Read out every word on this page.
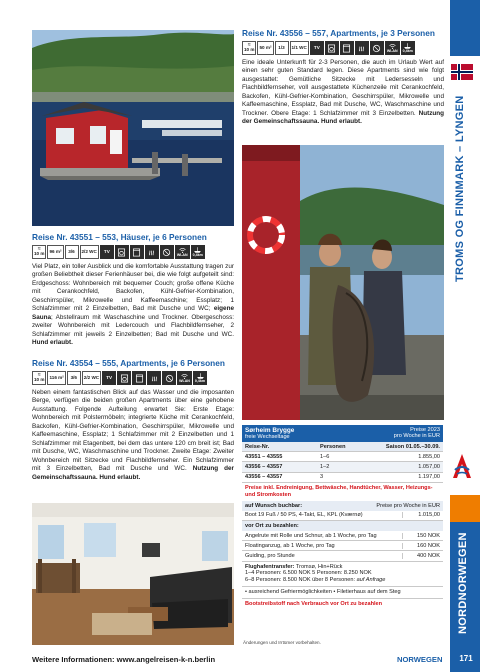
Reise Nr. 43556 – 557, Apartments, je 3 Personen
≈
10 m 50 m² 1/3 1/1 WC TV
WLAN 0,4km
Eine ideale Unterkunft für 2-3 Personen, die auch im Urlaub Wert auf einen sehr guten Standard legen. Diese Apartments sind wie folgt ausgestattet: Gemütliche Sitzecke mit Ledersesseln und Flachbildfernseher, voll ausgestattete Küchenzeile mit Cerankochfeld, Backofen, Kühl-Gefrier-Kombination, Geschirrspüler, Mikrowelle und Kaffeemaschine, Essplatz, Bad mit Dusche, WC, Waschmaschine und Trockner. Obere Etage: 1 Schlafzimmer mit 3 Einzelbetten. Nutzung der Gemeinschaftssauna. Hund erlaubt.
Reise Nr. 43551 – 553, Häuser, je 6 Personen
≈
10 m 96 m² 3/6 2/2 WC TV
WLAN 0,4km
Viel Platz, ein toller Ausblick und die komfortable Ausstattung tragen zur großen Beliebtheit dieser Ferienhäuser bei, die wie folgt aufgeteilt sind: Erdgeschoss: Wohnbereich mit bequemer Couch; große offene Küche mit Cerankochfeld, Backofen, Kühl-Gefrier-Kombination, Geschirrspüler, Mikrowelle und Kaffeemaschine; Essplatz; 1 Schlafzimmer mit 2 Einzelbetten, Bad mit Dusche und WC; eigene Sauna; Abstellraum mit Waschaschine und Trockner. Obergeschoss: zweiter Wohnbereich mit Ledercouch und Flachbildfernseher, 2 Schlafzimmer mit jeweils 2 Einzelbetten; Bad mit Dusche und WC. Hund erlaubt.
Reise Nr. 43554 – 555, Apartments, je 6 Personen
≈
10 m 116 m² 3/6 2/2 WC TV
WLAN 0,4km
Neben einem fantastischen Blick auf das Wasser und die imposanten Berge, verfügen die beiden großen Apartments über eine gehobene Ausstattung. Folgende Aufteilung erwartet Sie: Erste Etage: Wohnbereich mit Polstermöbeln; integrierte Küche mit Cerankochfeld, Backofen, Kühl-Gefrier-Kombination, Geschirrspüler, Mikrowelle und Kaffeemaschine, Essplatz; 1 Schlafzimmer mit 2 Einzelbetten und 1 Schlafzimmer mit Etagenbett, bei dem das untere 120 cm breit ist; Bad mit Dusche, WC, Waschmaschine und Trockner. Zweite Etage: Zweiter Wohnbereich mit Sitzecke und Flachbildfernseher. Ein Schlafzimmer mit 3 Einzelbetten, Bad mit Dusche und WC. Nutzung der Gemeinschaftssauna. Hund erlaubt.
Sørheim Brygge
freie Wechseltage
Preise 2023
pro Woche in EUR
Reise-Nr.	Personen	Saison 01.05.–30.09.
43551 – 43555	1–6	1.855,00
43556 – 43557	1–2	1.057,00
43556 – 43557	3	1.197,00
Preise inkl. Endreinigung, Bettwäsche, Handtücher, Wasser, Heizungs- und Stromkosten
auf Wunsch buchbar:	Preise pro Woche in EUR
Boot 19 Fuß / 50 PS, 4-Takt, EL, KPL (Kværnø)	1.015,00
vor Ort zu bezahlen:
Angelrute mit Rolle und Schnur, ab 1 Woche, pro Tag	150 NOK
Floatinganzug, ab 1 Woche, pro Tag	160 NOK
Guiding, pro Stunde	400 NOK
Flughafentransfer: Tromsø, Hin+Rück
1–4 Personen: 6.500 NOK 5 Personen: 8.250 NOK
6–8 Personen: 8.500 NOK über 8 Personen: auf Anfrage
• ausreichend Gefriermöglichkeiten • Filetierhaus auf dem Steg
Bootstreibstoff nach Verbrauch vor Ort zu bezahlen
Änderungen und Irrtümer vorbehalten.
TROMS OG FINNMARK – LYNGEN
NORDNORWEGEN
171
Weitere Informationen: www.angelreisen-k-n.berlin	NORWEGEN
